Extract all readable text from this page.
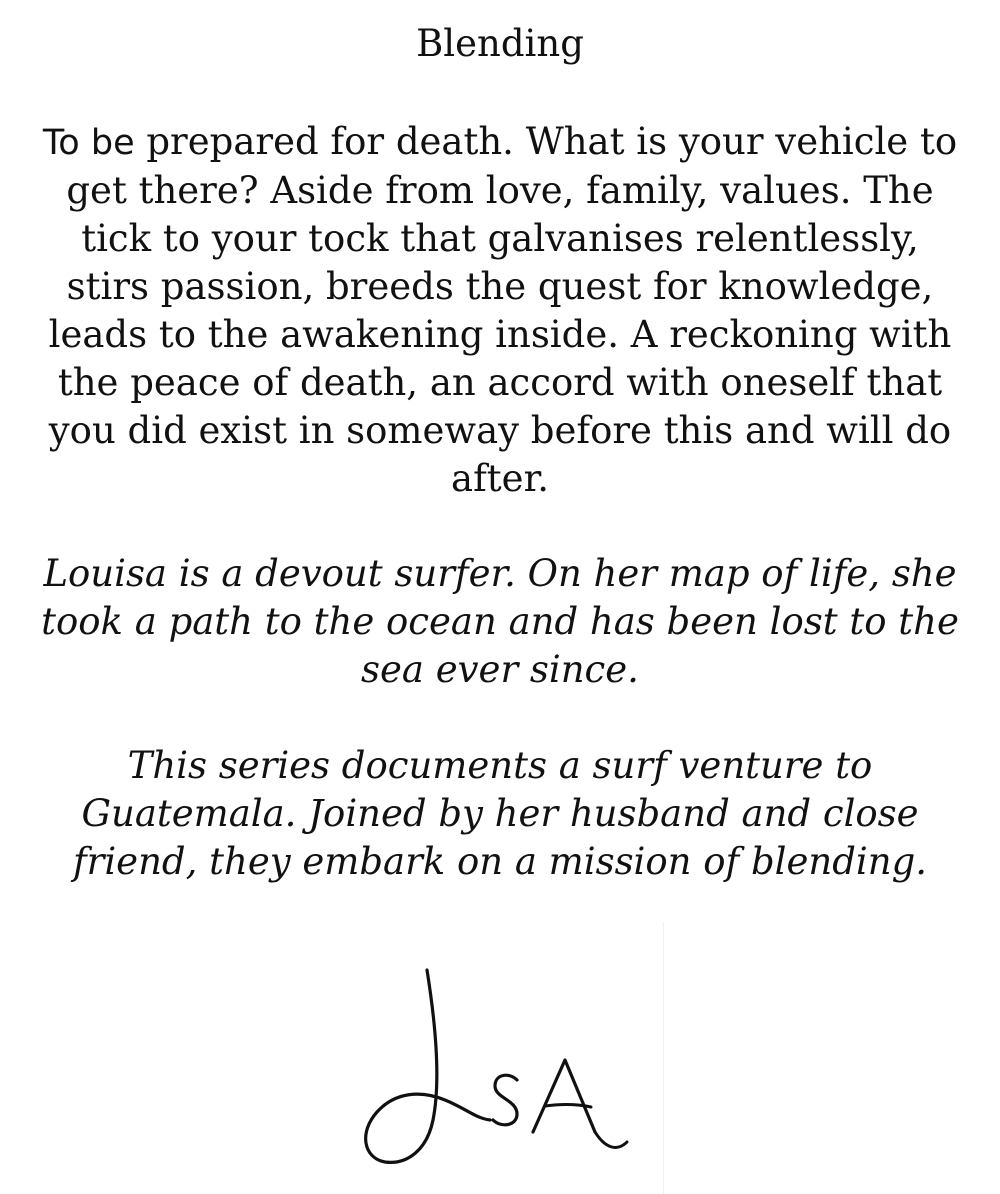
Blending

To be prepared for death. What is your vehicle to get there? Aside from love, family, values. The tick to your tock that galvanises relentlessly, stirs passion, breeds the quest for knowledge, leads to the awakening inside. A reckoning with the peace of death, an accord with oneself that you did exist in someway before this and will do after.

Louisa is a devout surfer. On her map of life, she took a path to the ocean and has been lost to the sea ever since.

This series documents a surf venture to Guatemala. Joined by her husband and close friend, they embark on a mission of blending.
